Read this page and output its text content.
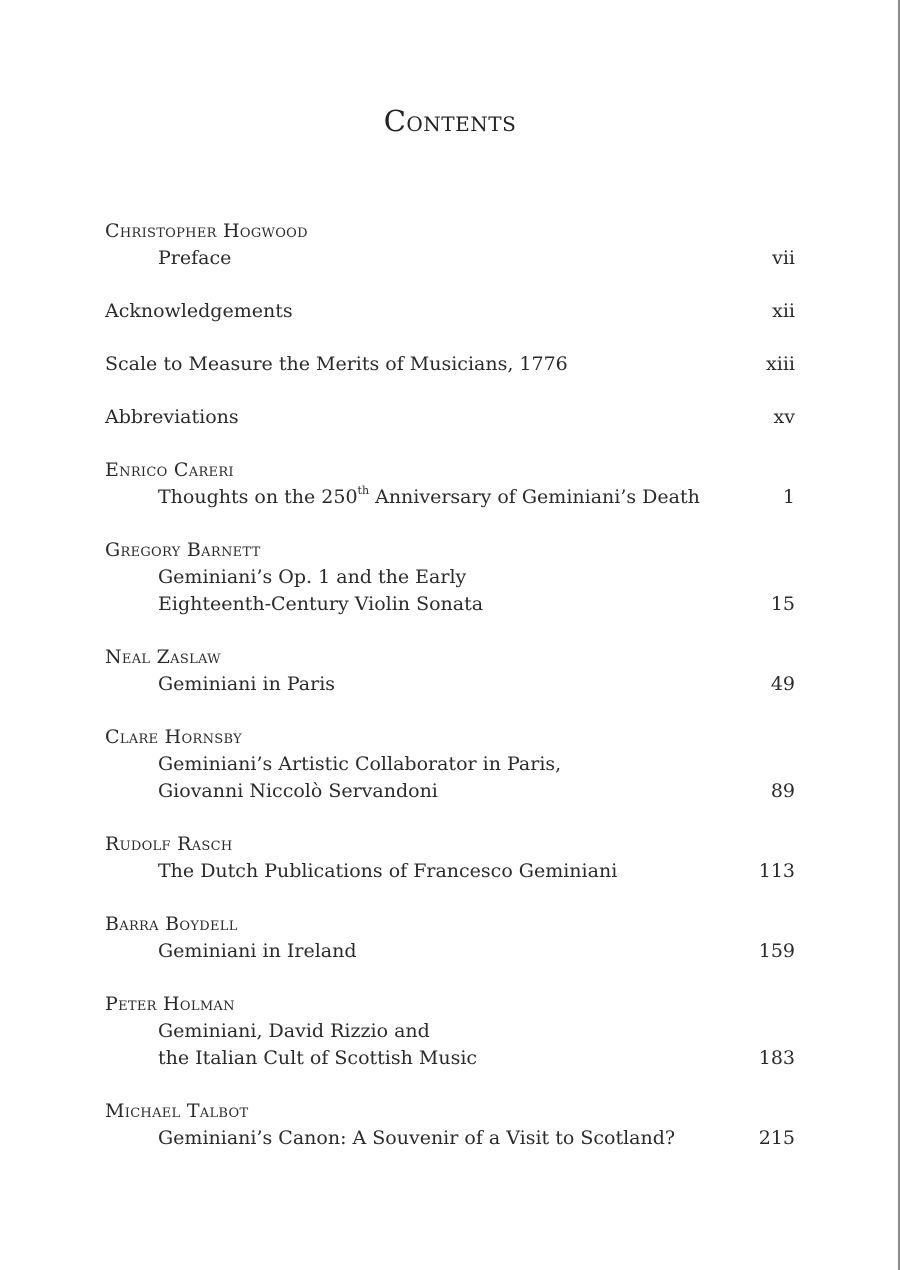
Contents
Christopher Hogwood
Preface	vii
Acknowledgements	xii
Scale to Measure the Merits of Musicians, 1776	xiii
Abbreviations	xv
Enrico Careri
Thoughts on the 250th Anniversary of Geminiani’s Death	1
Gregory Barnett
Geminiani’s Op. 1 and the Early
Eighteenth-Century Violin Sonata	15
Neal Zaslaw
Geminiani in Paris	49
Clare Hornsby
Geminiani’s Artistic Collaborator in Paris,
Giovanni Niccolò Servandoni	89
Rudolf Rasch
The Dutch Publications of Francesco Geminiani	113
Barra Boydell
Geminiani in Ireland	159
Peter Holman
Geminiani, David Rizzio and
the Italian Cult of Scottish Music	183
Michael Talbot
Geminiani’s Canon: A Souvenir of a Visit to Scotland?	215
